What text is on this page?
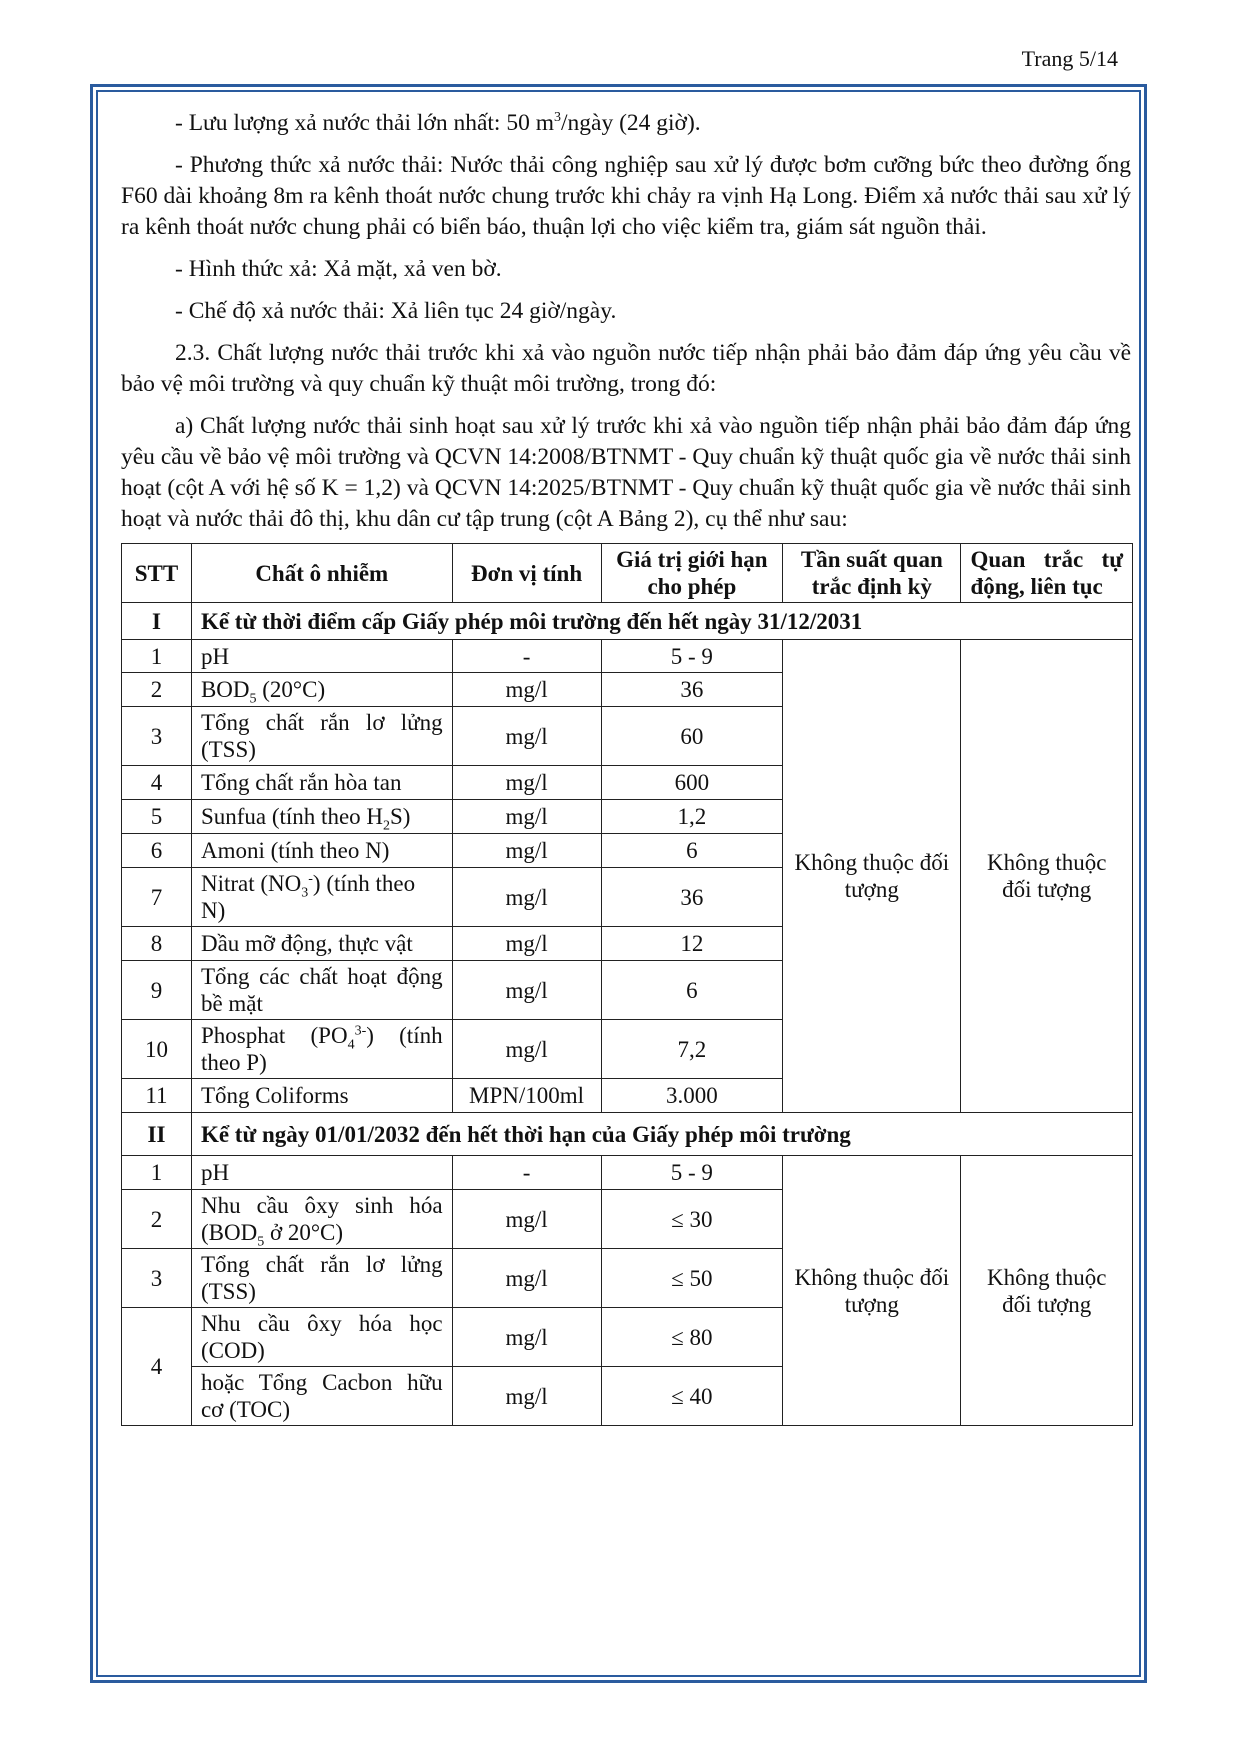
Trang 5/14

- Lưu lượng xả nước thải lớn nhất: 50 $m^3$/ngày (24 giờ).

- Phương thức xả nước thải: Nước thải công nghiệp sau xử lý được bơm cưỡng bức theo đường ống F60 dài khoảng 8m ra kênh thoát nước chung trước khi chảy ra vịnh Hạ Long. Điểm xả nước thải sau xử lý ra kênh thoát nước chung phải có biển báo, thuận lợi cho việc kiểm tra, giám sát nguồn thải.

- Hình thức xả: Xả mặt, xả ven bờ.

- Chế độ xả nước thải: Xả liên tục 24 giờ/ngày.

2.3. Chất lượng nước thải trước khi xả vào nguồn nước tiếp nhận phải bảo đảm đáp ứng yêu cầu về bảo vệ môi trường và quy chuẩn kỹ thuật môi trường, trong đó:

a) Chất lượng nước thải sinh hoạt sau xử lý trước khi xả vào nguồn tiếp nhận phải bảo đảm đáp ứng yêu cầu về bảo vệ môi trường và QCVN 14:2008/BTNMT - Quy chuẩn kỹ thuật quốc gia về nước thải sinh hoạt (cột A với hệ số K = 1,2) và QCVN 14:2025/BTNMT - Quy chuẩn kỹ thuật quốc gia về nước thải sinh hoạt và nước thải đô thị, khu dân cư tập trung (cột A Bảng 2), cụ thể như sau:

STT	Chất ô nhiễm	Đơn vị tính	Giá trị giới hạn cho phép	Tần suất quan trắc định kỳ	Quan trắc tự động, liên tục
I	Kể từ thời điểm cấp Giấy phép môi trường đến hết ngày 31/12/2031				
1	pH	-	5 - 9	Không thuộc đối tượng	Không thuộc đối tượng
2	$BOD_5$ (20°C)	mg/l	36		
3	Tổng chất rắn lơ lửng (TSS)	mg/l	60		
4	Tổng chất rắn hòa tan	mg/l	600		
5	Sunfua (tính theo $H_2S$)	mg/l	1,2		
6	Amoni (tính theo N)	mg/l	6		
7	Nitrat $(NO_3^-)$ (tính theo N)	mg/l	36		
8	Dầu mỡ động, thực vật	mg/l	12		
9	Tổng các chất hoạt động bề mặt	mg/l	6		
10	Phosphat $(PO_4^{3-})$ (tính theo P)	mg/l	7,2		
11	Tổng Coliforms	MPN/100ml	3.000		
II	Kể từ ngày 01/01/2032 đến hết thời hạn của Giấy phép môi trường				
1	pH	-	5 - 9	Không thuộc đối tượng	Không thuộc đối tượng
2	Nhu cầu ôxy sinh hóa ($BOD_5$ ở 20°C)	mg/l	≤ 30		
3	Tổng chất rắn lơ lửng (TSS)	mg/l	≤ 50		
4	Nhu cầu ôxy hóa học (COD)	mg/l	≤ 80		
	hoặc Tổng Cacbon hữu cơ (TOC)	mg/l	≤ 40		
